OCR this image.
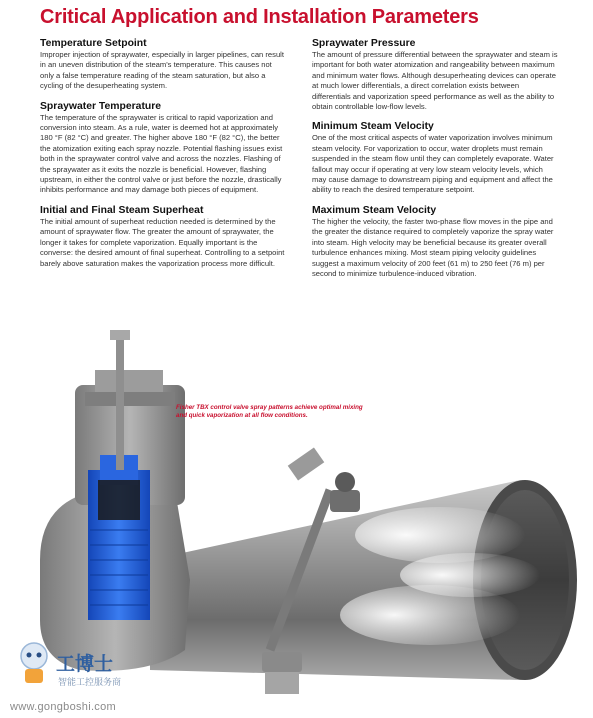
Critical Application and Installation Parameters
Temperature Setpoint

Improper injection of spraywater, especially in larger pipelines, can result in an uneven distribution of the steam's temperature. This causes not only a false temperature reading of the steam saturation, but also a cycling of the desuperheating system.

Spraywater Temperature

The temperature of the spraywater is critical to rapid vaporization and conversion into steam. As a rule, water is deemed hot at approximately 180 °F (82 °C) and greater. The higher above 180 °F (82 °C), the better the atomization exiting each spray nozzle. Potential flashing issues exist both in the spraywater control valve and across the nozzles. Flashing of the spraywater as it exits the nozzle is beneficial. However, flashing upstream, in either the control valve or just before the nozzle, drastically inhibits performance and may damage both pieces of equipment.

Initial and Final Steam Superheat

The initial amount of superheat reduction needed is determined by the amount of spraywater flow. The greater the amount of spraywater, the longer it takes for complete vaporization. Equally important is the converse: the desired amount of final superheat. Controlling to a setpoint barely above saturation makes the vaporization process more difficult.

Spraywater Pressure

The amount of pressure differential between the spraywater and steam is important for both water atomization and rangeability between maximum and minimum water flows. Although desuperheating devices can operate at much lower differentials, a direct correlation exists between differentials and vaporization speed performance as well as the ability to obtain controllable low-flow levels.

Minimum Steam Velocity

One of the most critical aspects of water vaporization involves minimum steam velocity. For vaporization to occur, water droplets must remain suspended in the steam flow until they can completely evaporate. Water fallout may occur if operating at very low steam velocity levels, which may cause damage to downstream piping and equipment and affect the ability to reach the desired temperature setpoint.

Maximum Steam Velocity

The higher the velocity, the faster two-phase flow moves in the pipe and the greater the distance required to completely vaporize the spray water into steam. High velocity may be beneficial because its greater overall turbulence enhances mixing. Most steam piping velocity guidelines suggest a maximum velocity of 200 feet (61 m) to 250 feet (76 m) per second to minimize turbulence-induced vibration.

Fisher TBX control valve spray patterns achieve optimal mixing and quick vaporization at all flow conditions.
工博士
智能工控服务商
www.gongboshi.com
